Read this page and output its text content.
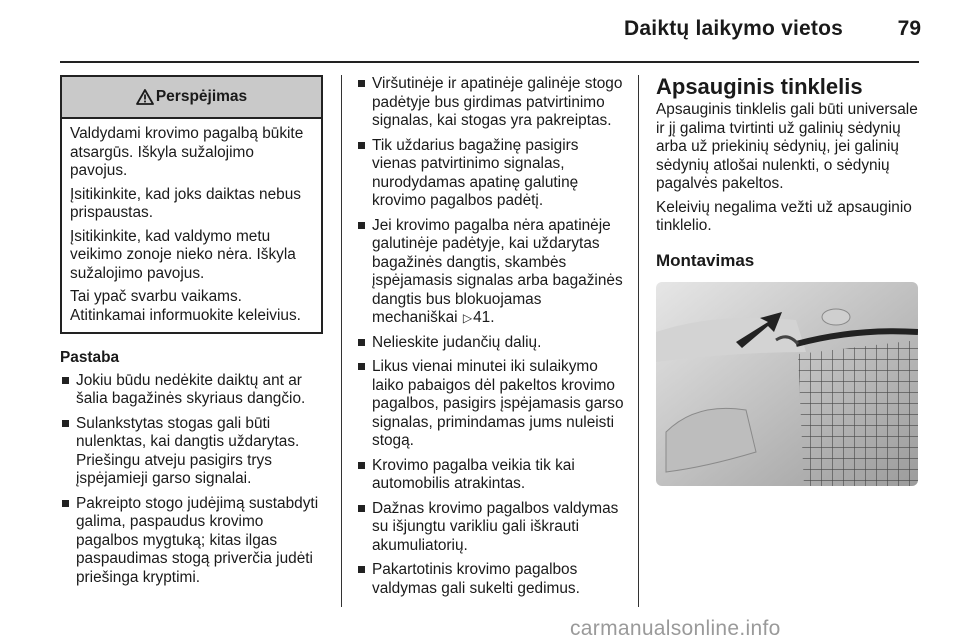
Daiktų laikymo vietos	79
Perspėjimas

Valdydami krovimo pagalbą būkite atsargūs. Iškyla sužalojimo pavojus.

Įsitikinkite, kad joks daiktas nebus prispaustas.

Įsitikinkite, kad valdymo metu veikimo zonoje nieko nėra. Iškyla sužalojimo pavojus.

Tai ypač svarbu vaikams. Atitinkamai informuokite keleivius.

Pastaba
Jokiu būdu nedėkite daiktų ant ar šalia bagažinės skyriaus dangčio.
Sulankstytas stogas gali būti nulenktas, kai dangtis uždarytas. Priešingu atveju pasigirs trys įspėjamieji garso signalai.
Pakreipto stogo judėjimą sustabdyti galima, paspaudus krovimo pagalbos mygtuką; kitas ilgas paspaudimas stogą priverčia judėti priešinga kryptimi.
Viršutinėje ir apatinėje galinėje stogo padėtyje bus girdimas patvirtinimo signalas, kai stogas yra pakreiptas.
Tik uždarius bagažinę pasigirs vienas patvirtinimo signalas, nurodydamas apatinę galutinę krovimo pagalbos padėtį.
Jei krovimo pagalba nėra apatinėje galutinėje padėtyje, kai uždarytas bagažinės dangtis, skambės įspėjamasis signalas arba bagažinės dangtis bus blokuojamas mechaniškai ▷41.
Nelieskite judančių dalių.
Likus vienai minutei iki sulaikymo laiko pabaigos dėl pakeltos krovimo pagalbos, pasigirs įspėjamasis garso signalas, primindamas jums nuleisti stogą.
Krovimo pagalba veikia tik kai automobilis atrakintas.
Dažnas krovimo pagalbos valdymas su išjungtu varikliu gali iškrauti akumuliatorių.
Pakartotinis krovimo pagalbos valdymas gali sukelti gedimus.
Apsauginis tinklelis

Apsauginis tinklelis gali būti universale ir jį galima tvirtinti už galinių sėdynių arba už priekinių sėdynių, jei galinių sėdynių atlošai nulenkti, o sėdynių pagalvės pakeltos.

Keleivių negalima vežti už apsauginio tinklelio.

Montavimas
carmanualsonline.info
